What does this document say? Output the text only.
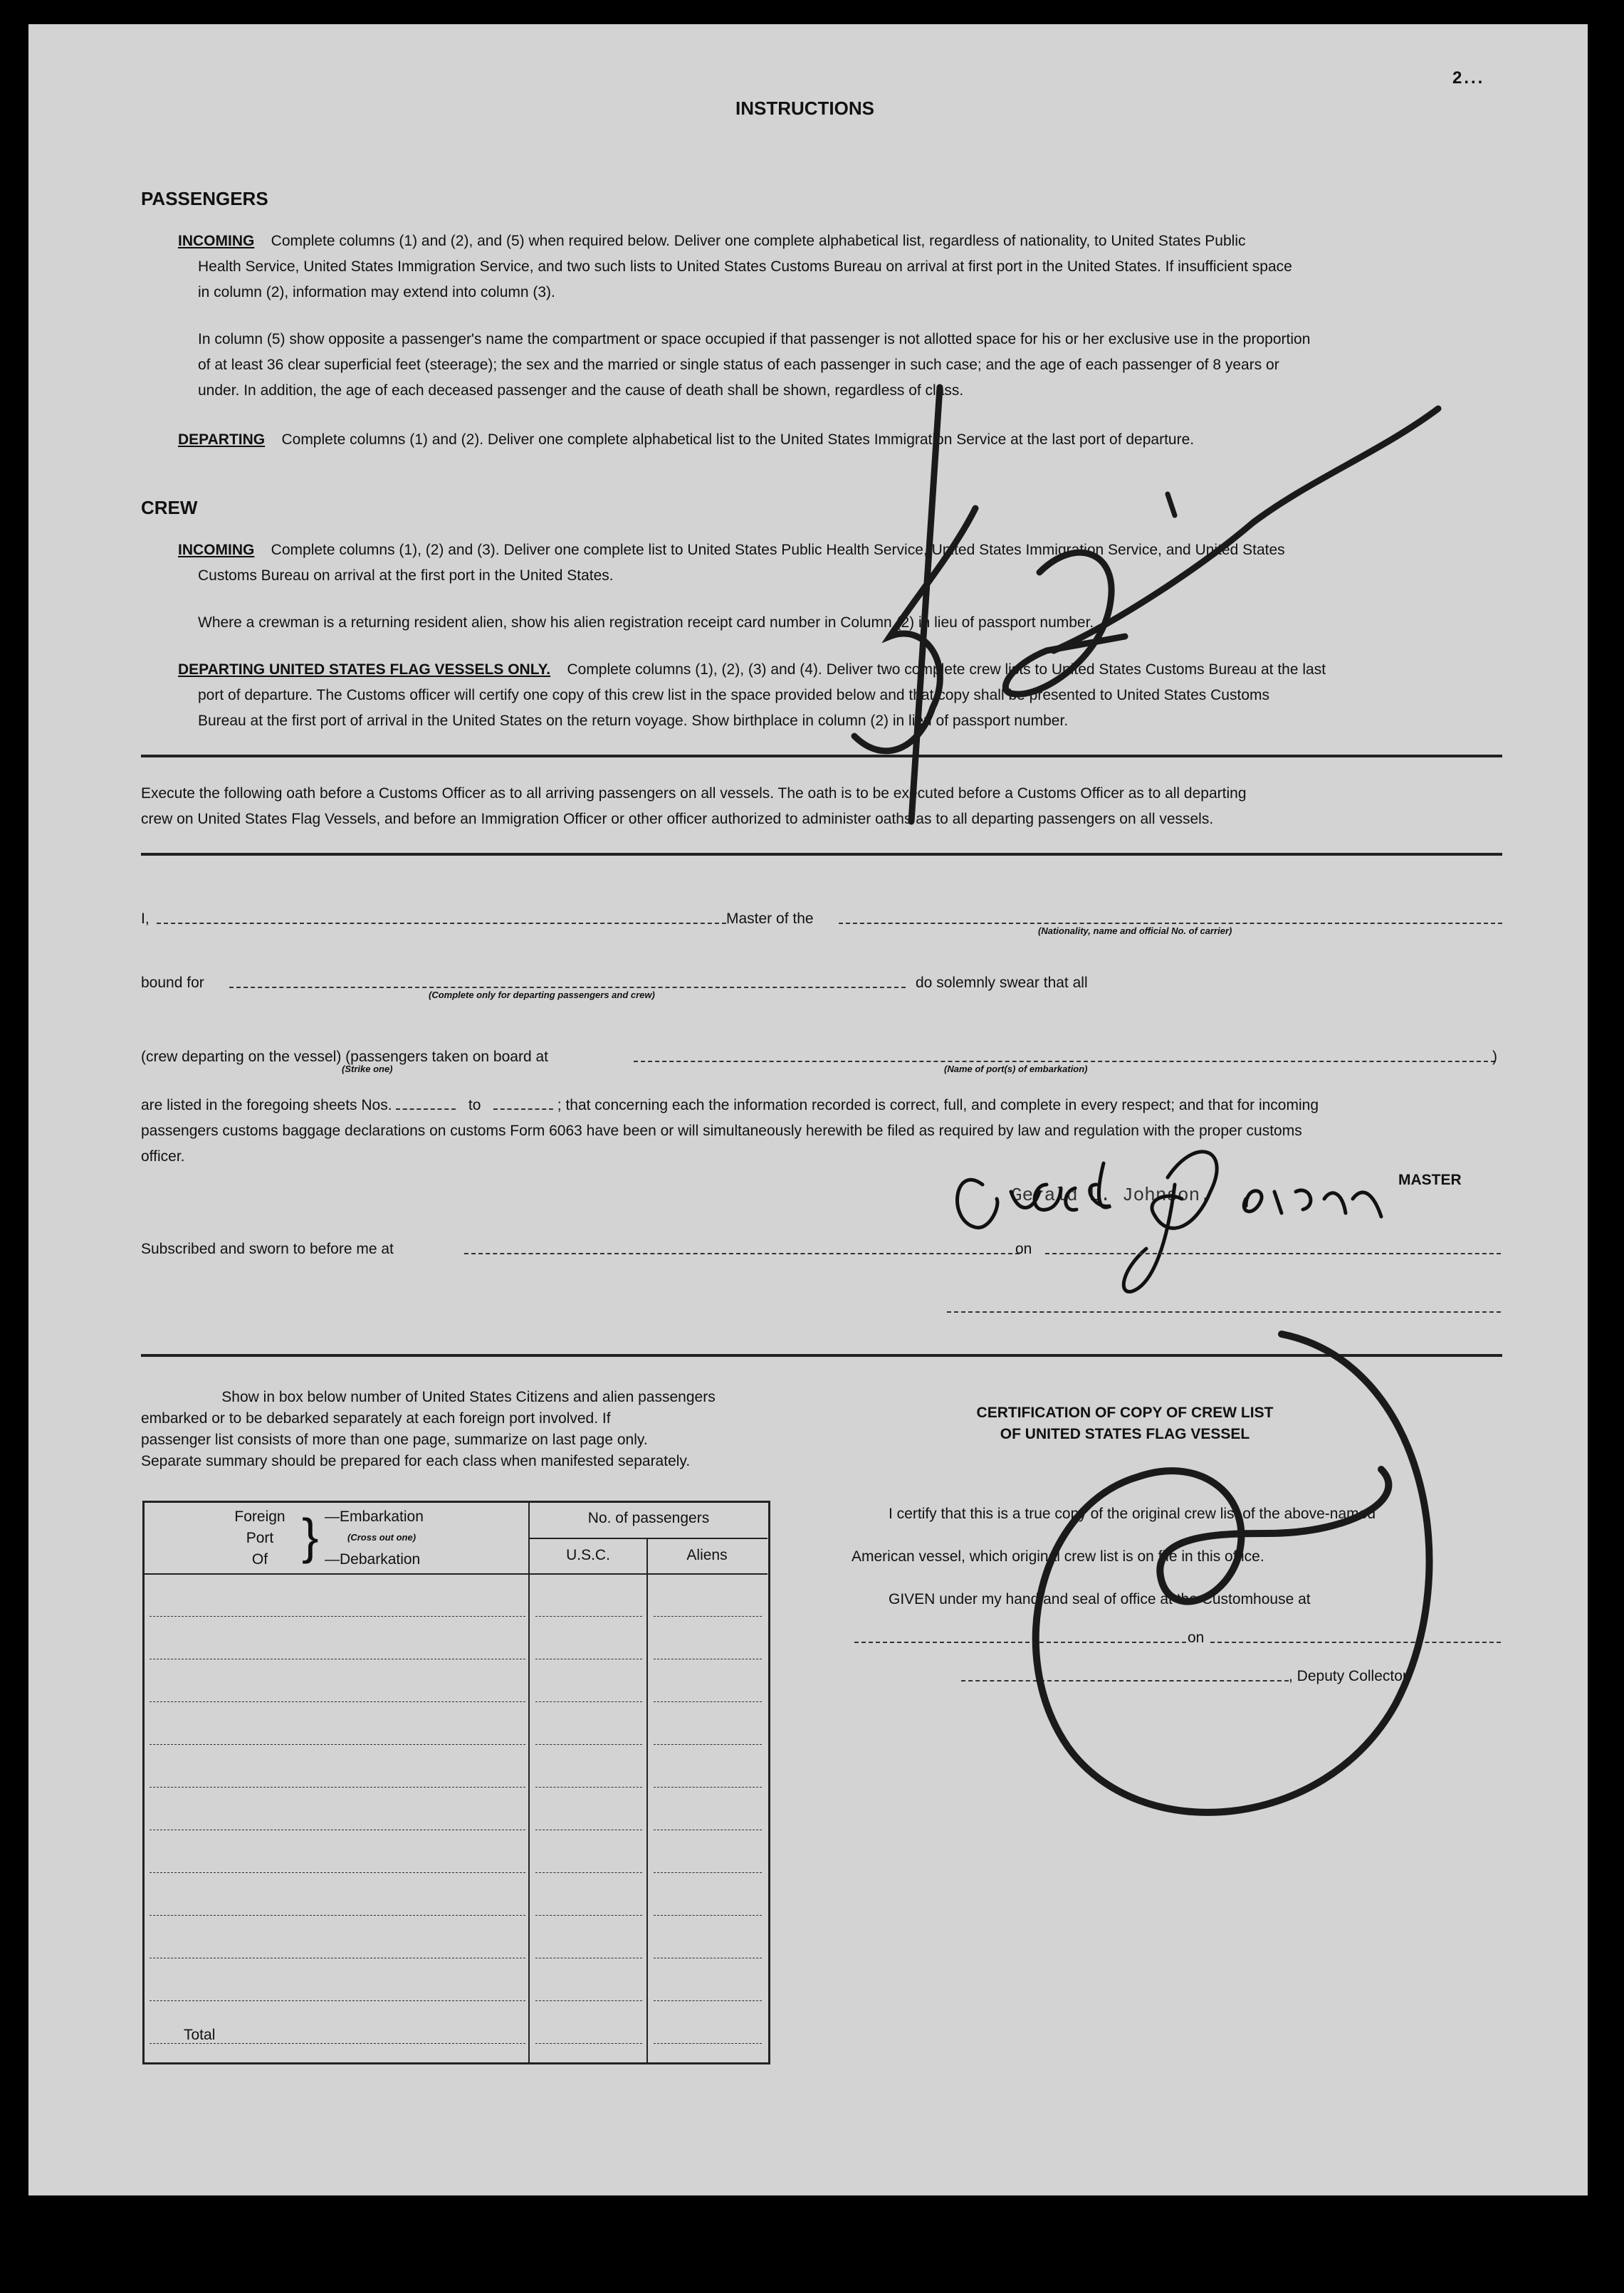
INSTRUCTIONS
2...
PASSENGERS
INCOMING Complete columns (1) and (2), and (5) when required below. Deliver one complete alphabetical list, regardless of nationality, to United States Public
Health Service, United States Immigration Service, and two such lists to United States Customs Bureau on arrival at first port in the United States. If insufficient space
in column (2), information may extend into column (3).
In column (5) show opposite a passenger's name the compartment or space occupied if that passenger is not allotted space for his or her exclusive use in the proportion
of at least 36 clear superficial feet (steerage); the sex and the married or single status of each passenger in such case; and the age of each passenger of 8 years or
under. In addition, the age of each deceased passenger and the cause of death shall be shown, regardless of class.
DEPARTING Complete columns (1) and (2). Deliver one complete alphabetical list to the United States Immigration Service at the last port of departure.
CREW
INCOMING Complete columns (1), (2) and (3). Deliver one complete list to United States Public Health Service, United States Immigration Service, and United States
Customs Bureau on arrival at the first port in the United States.
Where a crewman is a returning resident alien, show his alien registration receipt card number in Column (2) in lieu of passport number.
DEPARTING UNITED STATES FLAG VESSELS ONLY. Complete columns (1), (2), (3) and (4). Deliver two complete crew lists to United States Customs Bureau at the last
port of departure. The Customs officer will certify one copy of this crew list in the space provided below and that copy shall be presented to United States Customs
Bureau at the first port of arrival in the United States on the return voyage. Show birthplace in column (2) in lieu of passport number.
Execute the following oath before a Customs Officer as to all arriving passengers on all vessels. The oath is to be executed before a Customs Officer as to all departing
crew on United States Flag Vessels, and before an Immigration Officer or other officer authorized to administer oaths as to all departing passengers on all vessels.
I,	Master of the
(Nationality, name and official No. of carrier)
bound for
(Complete only for departing passengers and crew)
do solemnly swear that all
(crew departing on the vessel) (passengers taken on board at	)
(Strike one)	(Name of port(s) of embarkation)
are listed in the foregoing sheets Nos.	to	; that concerning each the information recorded is correct, full, and complete in every respect; and that for incoming
passengers customs baggage declarations on customs Form 6063 have been or will simultaneously herewith be filed as required by law and regulation with the proper customs
officer.
MASTER
Gerald L. Johnson.
Subscribed and sworn to before me at	on
Show in box below number of United States Citizens and alien passengers
embarked or to be debarked separately at each foreign port involved. If
passenger list consists of more than one page, summarize on last page only.
Separate summary should be prepared for each class when manifested separately.
Foreign
Port
Of } —Embarkation
(Cross out one)
—Debarkation
No. of passengers
U.S.C.	Aliens
Total
CERTIFICATION OF COPY OF CREW LIST
OF UNITED STATES FLAG VESSEL
I certify that this is a true copy of the original crew list of the above-named
American vessel, which original crew list is on file in this office.
GIVEN under my hand and seal of office at the Customhouse at
on
, Deputy Collector
